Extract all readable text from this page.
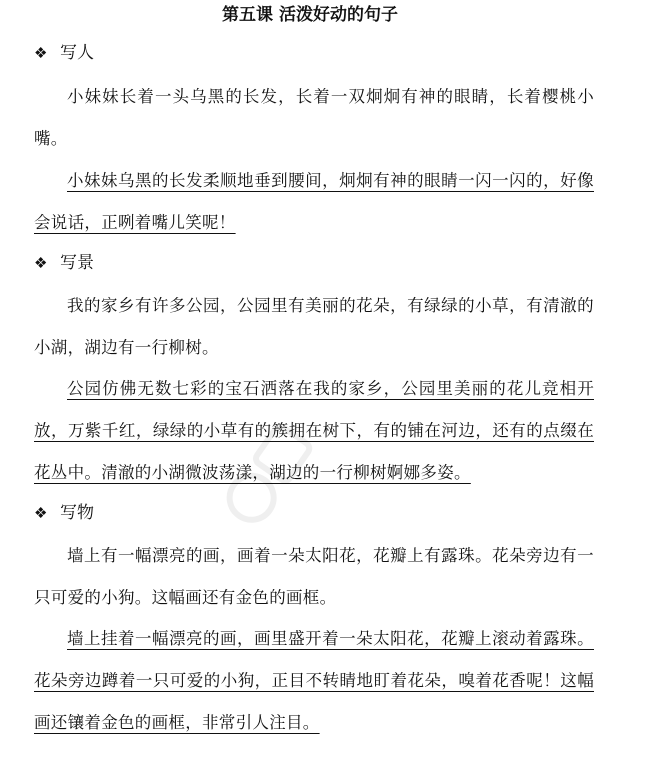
第五课 活泼好动的句子
❖ 写人
小妹妹长着一头乌黑的长发，长着一双炯炯有神的眼睛，长着樱桃小嘴。
小妹妹乌黑的长发柔顺地垂到腰间，炯炯有神的眼睛一闪一闪的，好像会说话，正咧着嘴儿笑呢！
❖ 写景
我的家乡有许多公园，公园里有美丽的花朵，有绿绿的小草，有清澈的小湖，湖边有一行柳树。
公园仿佛无数七彩的宝石洒落在我的家乡，公园里美丽的花儿竞相开放，万紫千红，绿绿的小草有的簇拥在树下，有的铺在河边，还有的点缀在花丛中。清澈的小湖微波荡漾，湖边的一行柳树婀娜多姿。
❖ 写物
墙上有一幅漂亮的画，画着一朵太阳花，花瓣上有露珠。花朵旁边有一只可爱的小狗。这幅画还有金色的画框。
墙上挂着一幅漂亮的画，画里盛开着一朵太阳花，花瓣上滚动着露珠。花朵旁边蹲着一只可爱的小狗，正目不转睛地盯着花朵，嗅着花香呢！这幅画还镶着金色的画框，非常引人注目。
